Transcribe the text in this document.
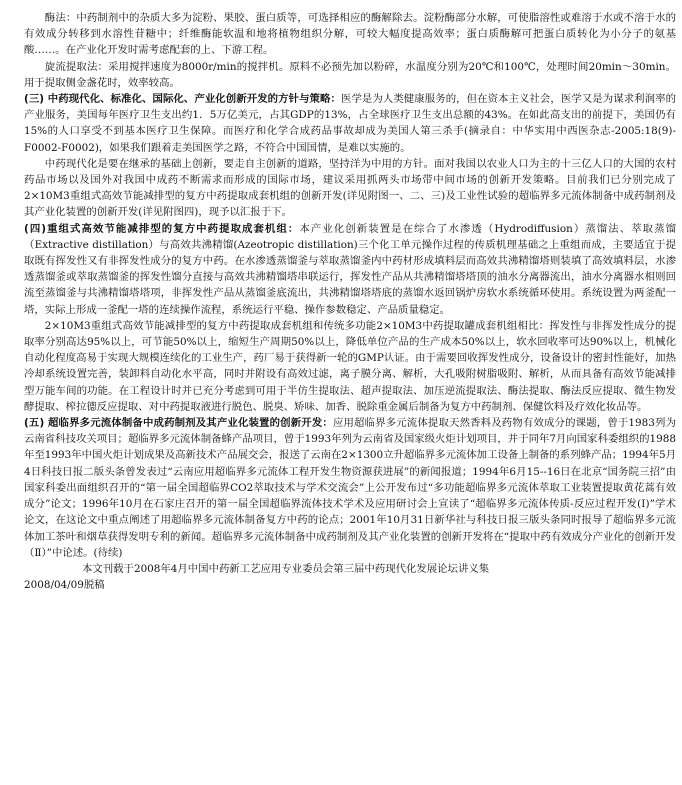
酶法：中药制剂中的杂质大多为淀粉、果胶、蛋白质等，可选择相应的酶解除去。淀粉酶部分水解，可使脂溶性或难溶于水或不溶于水的有效成分转移到水溶性苷糖中；纤维酶能软温和地将植物组织分解，可较大幅度提高效率；蛋白质酶解可把蛋白质转化为小分子的氨基酸……。在产业化开发时需考虑配套的上、下游工程。

旋流提取法：采用搅拌速度为8000r/min的搅拌机。原料不必预先加以粉碎，水温度分别为20℃和100℃，处理时间20min～30min。用于提取侧金盏花时，效率较高。

(三) 中药现代化、标准化、国际化、产业化创新开发的方针与策略：医学是为人类健康服务的，但在资本主义社会，医学又是为谋求利润率的产业服务，美国每年医疗卫生支出约1．5万亿美元，占其GDP的13%，占全球医疗卫生支出总额的43%。在如此高支出的前提下，美国仍有15%的人口享受不到基本医疗卫生保障。而医疗和化学合成药品事故却成为美国人第三杀手(摘录自：中华实用中西医杂志-2005:18(9)-F0002-F0002)，如果我们跟着走美国医学之路，不符合中国国情，是难以实施的。

中药现代化是要在继承的基础上创新，要走自主创新的道路，坚持洋为中用的方针。面对我国以农业人口为主的十三亿人口的大国的农村药品市场以及国外对我国中成药不断需求而形成的国际市场，建议采用抓两头市场带中间市场的创新开发策略。目前我们已分别完成了2×10M3重组式高效节能减排型的复方中药提取成套机组的创新开发(详见附图一、二、三)及工业性试验的超临界多元流体制备中成药制剂及其产业化装置的创新开发(详见附图四)，现予以汇报于下。

(四)重组式高效节能减排型的复方中药提取成套机组：本产业化创新装置是在综合了水渗透（Hydrodiffusion）蒸馏法、萃取蒸馏（Extractive distillation）与高效共沸精馏(Azeotropic distillation)三个化工单元操作过程的传质机理基础之上重组而成，主要适宜于提取既有挥发性又有非挥发性成分的复方中药。在水渗透蒸馏釜与萃取蒸馏釜内中药材形成填料层而高效共沸精馏塔则装填了高效填料层，水渗透蒸馏釜或萃取蒸馏釜的挥发性馏分直接与高效共沸精馏塔串联运行，挥发性产品从共沸精馏塔塔顶的油水分离器流出，油水分离器水相则回流至蒸馏釜与共沸精馏塔塔项，非挥发性产品从蒸馏釜底流出，共沸精馏塔塔底的蒸馏水返回锅炉房软水系统循环使用。系统设置为两釜配一塔，实际上形成一釜配一塔的连续操作流程，系统运行平稳、操作参数稳定、产品质量稳定。

2×10M3重组式高效节能减排型的复方中药提取成套机组和传统多功能2×10M3中药提取罐成套机组相比：挥发性与非挥发性成分的提取率分别高达95%以上，可节能50%以上，缩短生产周期50%以上，降低单位产品的生产成本50%以上，软水回收率可达90%以上，机械化自动化程度高易于实现大规模连续化的工业生产，药厂易于获得新一轮的GMP认证。由于需要回收挥发性成分，设备设计的密封性能好，加热冷却系统设置完善，装卸料自动化水平高，同时并附设有高效过滤，离子膜分离、解析，大孔吸附树脂吸附、解析，从而具备有高效节能减排型万能车间的功能。在工程设计时并已充分考虑到可用于半仿生提取法、超声提取法、加压逆流提取法、酶法提取、酶法反应提取、微生物发酵提取、榨拉德反应提取、对中药提取液进行脱色、脱臭、矫味、加香、脱除重金属后制备为复方中药制剂、保健饮料及疗效化妆品等。

(五) 超临界多元流体制备中成药制剂及其产业化装置的创新开发：应用超临界多元流体提取天然香料及药物有效成分的课题，曾于1983列为云南省科技攻关项目；超临界多元流体制备蜂产品项目，曾于1993年列为云南省及国家级火炬计划项目，并于同年7月向国家科委组织的1988年至1993年中国火炬计划成果及高新技术产品展交会，报送了云南在2×1300立升超临界多元流体加工设备上制备的系列蜂产品；1994年5月4日科技日报二版头条曾发表过“云南应用超临界多元流体工程开发生物资源获进展”的新闻报道；1994年6月15--16日在北京“国务院三招”由国家科委出面组织召开的“第一届全国超临界CO2萃取技术与学术交流会”上公开发布过“多功能超临界多元流体萃取工业装置提取黄花蒿有效成分”论文；1996年10月在石家庄召开的第一届全国超临界流体技术学术及应用研讨会上宣读了“超临界多元流体传质-反应过程开发(Ⅰ)”学术论文，在这论文中重点阐述了用超临界多元流体制备复方中药的论点；2001年10月31日新华社与科技日报三版头条同时报导了超临界多元流体加工茶叶和烟草获得发明专利的新闻。超临界多元流体制备中成药制剂及其产业化装置的创新开发将在“提取中药有效成分产业化的创新开发（Ⅱ）”中论述。(待续)

本文刊载于2008年4月中国中药新工艺应用专业委员会第三届中药现代化发展论坛讲义集

2008/04/09脱稿
